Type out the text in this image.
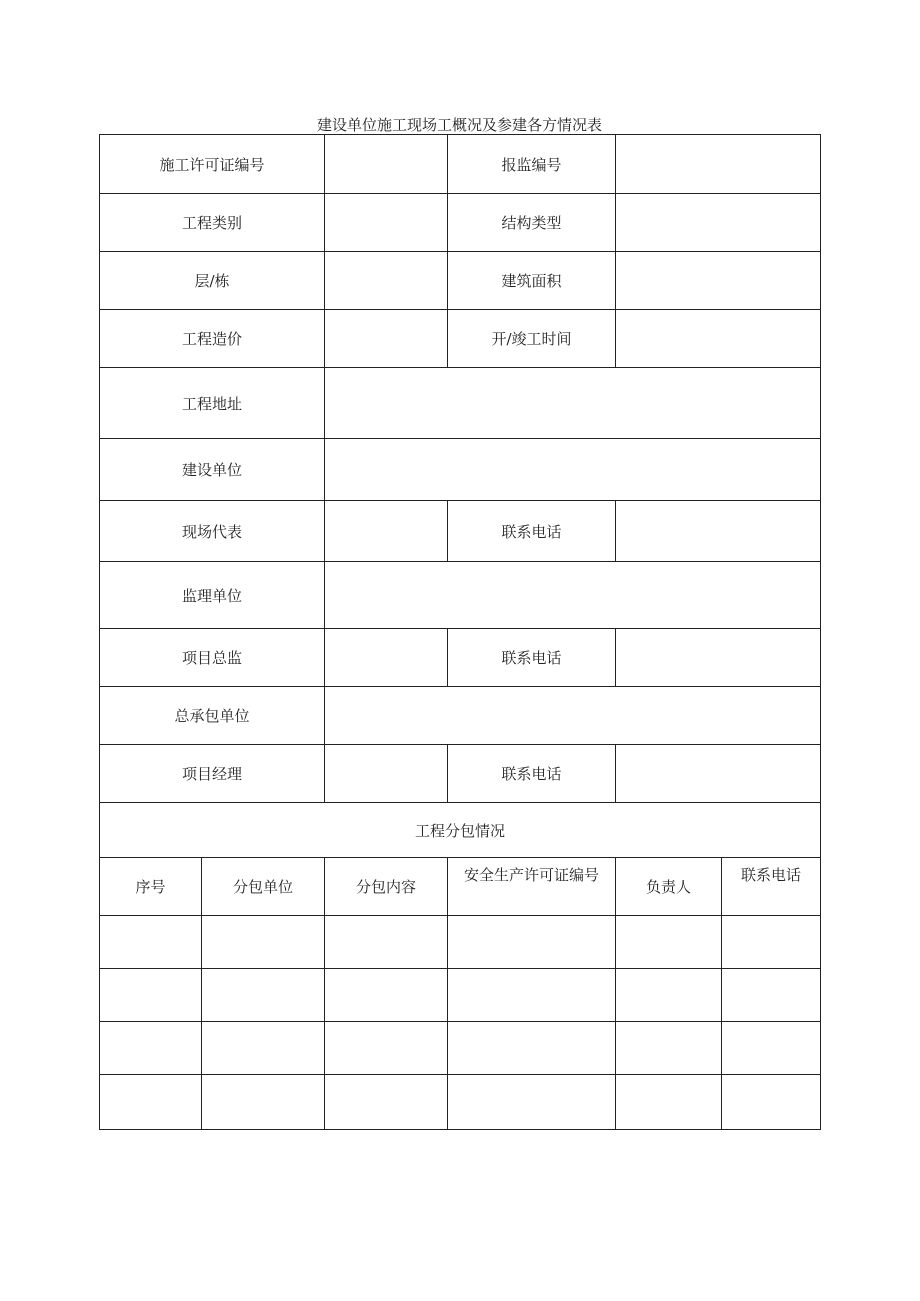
建设单位施工现场工概况及参建各方情况表
施工许可证编号			报监编号		
工程类别			结构类型		
层/栋			建筑面积		
工程造价			开/竣工时间		
工程地址					
建设单位					
现场代表			联系电话		
监理单位					
项目总监			联系电话		
总承包单位					
项目经理			联系电话		
工程分包情况					
序号	分包单位	分包内容	安全生产许可证编号	负责人	联系电话
